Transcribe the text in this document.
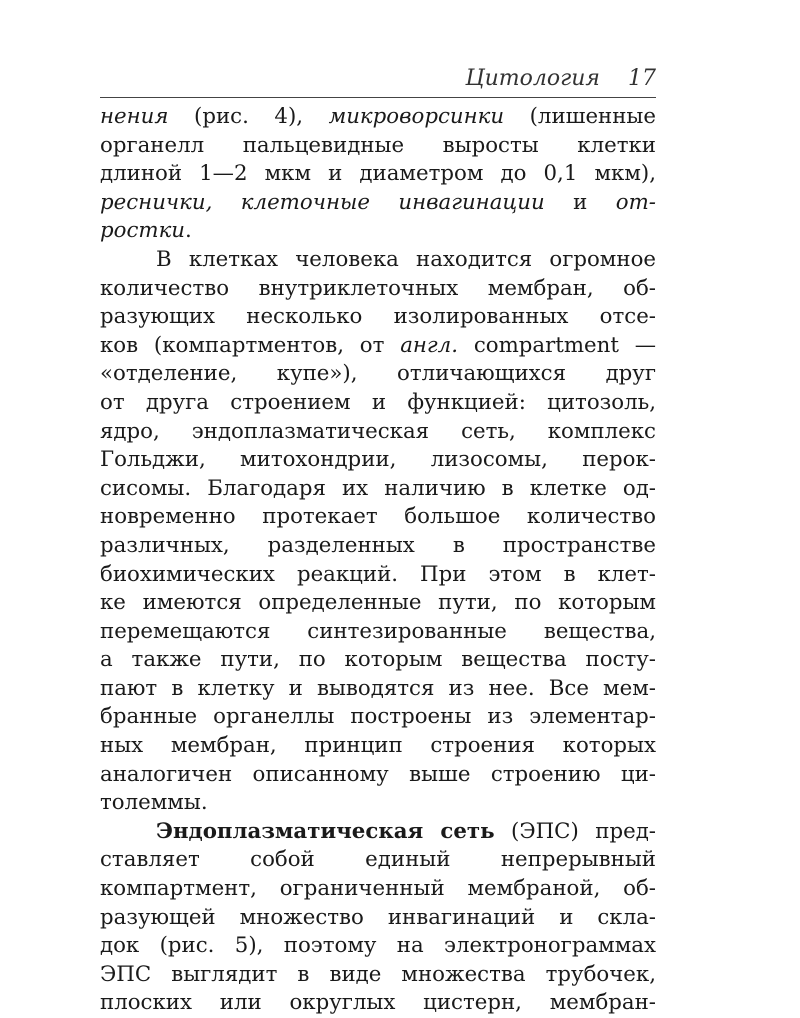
Цитология 17
нения (рис. 4), микроворсинки (лишенные
органелл пальцевидные выросты клетки
длиной 1—2 мкм и диаметром до 0,1 мкм),
реснички, клеточные инвагинации и от-
ростки.
В клетках человека находится огромное
количество внутриклеточных мембран, об-
разующих несколько изолированных отсе-
ков (компартментов, от англ. compartment —
«отделение, купе»), отличающихся друг
от друга строением и функцией: цитозоль,
ядро, эндоплазматическая сеть, комплекс
Гольджи, митохондрии, лизосомы, перок-
сисомы. Благодаря их наличию в клетке од-
новременно протекает большое количество
различных, разделенных в пространстве
биохимических реакций. При этом в клет-
ке имеются определенные пути, по которым
перемещаются синтезированные вещества,
а также пути, по которым вещества посту-
пают в клетку и выводятся из нее. Все мем-
бранные органеллы построены из элементар-
ных мембран, принцип строения которых
аналогичен описанному выше строению ци-
толеммы.
Эндоплазматическая сеть (ЭПС) пред-
ставляет собой единый непрерывный
компартмент, ограниченный мембраной, об-
разующей множество инвагинаций и скла-
док (рис. 5), поэтому на электронограммах
ЭПС выглядит в виде множества трубочек,
плоских или округлых цистерн, мембран-
